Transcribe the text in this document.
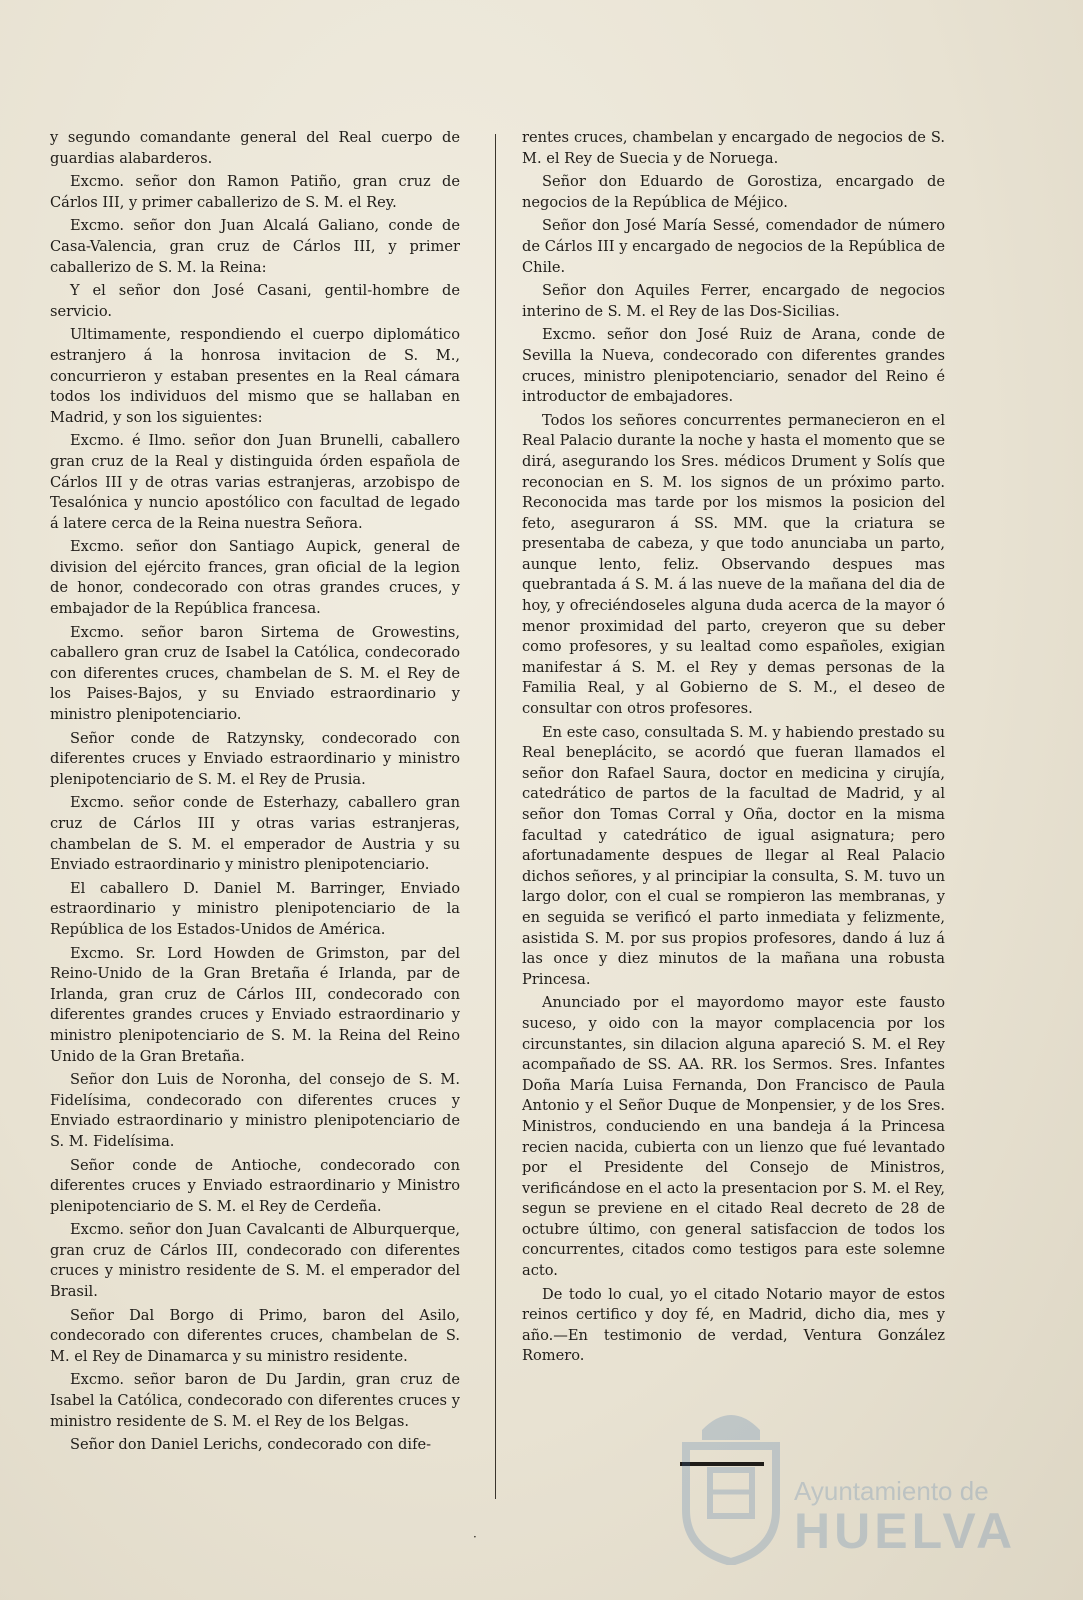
y segundo comandante general del Real cuerpo de guardias alabarderos.

Excmo. señor don Ramon Patiño, gran cruz de Cárlos III, y primer caballerizo de S. M. el Rey.

Excmo. señor don Juan Alcalá Galiano, conde de Casa-Valencia, gran cruz de Cárlos III, y primer caballerizo de S. M. la Reina:

Y el señor don José Casani, gentil-hombre de servicio.

Ultimamente, respondiendo el cuerpo diplomático estranjero á la honrosa invitacion de S. M., concurrieron y estaban presentes en la Real cámara todos los individuos del mismo que se hallaban en Madrid, y son los siguientes:

Excmo. é Ilmo. señor don Juan Brunelli, caballero gran cruz de la Real y distinguida órden española de Cárlos III y de otras varias estranjeras, arzobispo de Tesalónica y nuncio apostólico con facultad de legado á latere cerca de la Reina nuestra Señora.

Excmo. señor don Santiago Aupick, general de division del ejército frances, gran oficial de la legion de honor, condecorado con otras grandes cruces, y embajador de la República francesa.

Excmo. señor baron Sirtema de Growestins, caballero gran cruz de Isabel la Católica, condecorado con diferentes cruces, chambelan de S. M. el Rey de los Paises-Bajos, y su Enviado estraordinario y ministro plenipotenciario.

Señor conde de Ratzynsky, condecorado con diferentes cruces y Enviado estraordinario y ministro plenipotenciario de S. M. el Rey de Prusia.

Excmo. señor conde de Esterhazy, caballero gran cruz de Cárlos III y otras varias estranjeras, chambelan de S. M. el emperador de Austria y su Enviado estraordinario y ministro plenipotenciario.

El caballero D. Daniel M. Barringer, Enviado estraordinario y ministro plenipotenciario de la República de los Estados-Unidos de América.

Excmo. Sr. Lord Howden de Grimston, par del Reino-Unido de la Gran Bretaña é Irlanda, par de Irlanda, gran cruz de Cárlos III, condecorado con diferentes grandes cruces y Enviado estraordinario y ministro plenipotenciario de S. M. la Reina del Reino Unido de la Gran Bretaña.

Señor don Luis de Noronha, del consejo de S. M. Fidelísima, condecorado con diferentes cruces y Enviado estraordinario y ministro plenipotenciario de S. M. Fidelísima.

Señor conde de Antioche, condecorado con diferentes cruces y Enviado estraordinario y Ministro plenipotenciario de S. M. el Rey de Cerdeña.

Excmo. señor don Juan Cavalcanti de Alburquerque, gran cruz de Cárlos III, condecorado con diferentes cruces y ministro residente de S. M. el emperador del Brasil.

Señor Dal Borgo di Primo, baron del Asilo, condecorado con diferentes cruces, chambelan de S. M. el Rey de Dinamarca y su ministro residente.

Excmo. señor baron de Du Jardin, gran cruz de Isabel la Católica, condecorado con diferentes cruces y ministro residente de S. M. el Rey de los Belgas.

Señor don Daniel Lerichs, condecorado con dife-

rentes cruces, chambelan y encargado de negocios de S. M. el Rey de Suecia y de Noruega.

Señor don Eduardo de Gorostiza, encargado de negocios de la República de Méjico.

Señor don José María Sessé, comendador de número de Cárlos III y encargado de negocios de la República de Chile.

Señor don Aquiles Ferrer, encargado de negocios interino de S. M. el Rey de las Dos-Sicilias.

Excmo. señor don José Ruiz de Arana, conde de Sevilla la Nueva, condecorado con diferentes grandes cruces, ministro plenipotenciario, senador del Reino é introductor de embajadores.

Todos los señores concurrentes permanecieron en el Real Palacio durante la noche y hasta el momento que se dirá, asegurando los Sres. médicos Drument y Solís que reconocian en S. M. los signos de un próximo parto. Reconocida mas tarde por los mismos la posicion del feto, aseguraron á SS. MM. que la criatura se presentaba de cabeza, y que todo anunciaba un parto, aunque lento, feliz. Observando despues mas quebrantada á S. M. á las nueve de la mañana del dia de hoy, y ofreciéndoseles alguna duda acerca de la mayor ó menor proximidad del parto, creyeron que su deber como profesores, y su lealtad como españoles, exigian manifestar á S. M. el Rey y demas personas de la Familia Real, y al Gobierno de S. M., el deseo de consultar con otros profesores.

En este caso, consultada S. M. y habiendo prestado su Real beneplácito, se acordó que fueran llamados el señor don Rafael Saura, doctor en medicina y cirujía, catedrático de partos de la facultad de Madrid, y al señor don Tomas Corral y Oña, doctor en la misma facultad y catedrático de igual asignatura; pero afortunadamente despues de llegar al Real Palacio dichos señores, y al principiar la consulta, S. M. tuvo un largo dolor, con el cual se rompieron las membranas, y en seguida se verificó el parto inmediata y felizmente, asistida S. M. por sus propios profesores, dando á luz á las once y diez minutos de la mañana una robusta Princesa.

Anunciado por el mayordomo mayor este fausto suceso, y oido con la mayor complacencia por los circunstantes, sin dilacion alguna apareció S. M. el Rey acompañado de SS. AA. RR. los Sermos. Sres. Infantes Doña María Luisa Fernanda, Don Francisco de Paula Antonio y el Señor Duque de Monpensier, y de los Sres. Ministros, conduciendo en una bandeja á la Princesa recien nacida, cubierta con un lienzo que fué levantado por el Presidente del Consejo de Ministros, verificándose en el acto la presentacion por S. M. el Rey, segun se previene en el citado Real decreto de 28 de octubre último, con general satisfaccion de todos los concurrentes, citados como testigos para este solemne acto.

De todo lo cual, yo el citado Notario mayor de estos reinos certifico y doy fé, en Madrid, dicho dia, mes y año.—En testimonio de verdad, Ventura González Romero.

·
Ayuntamiento de
HUELVA
